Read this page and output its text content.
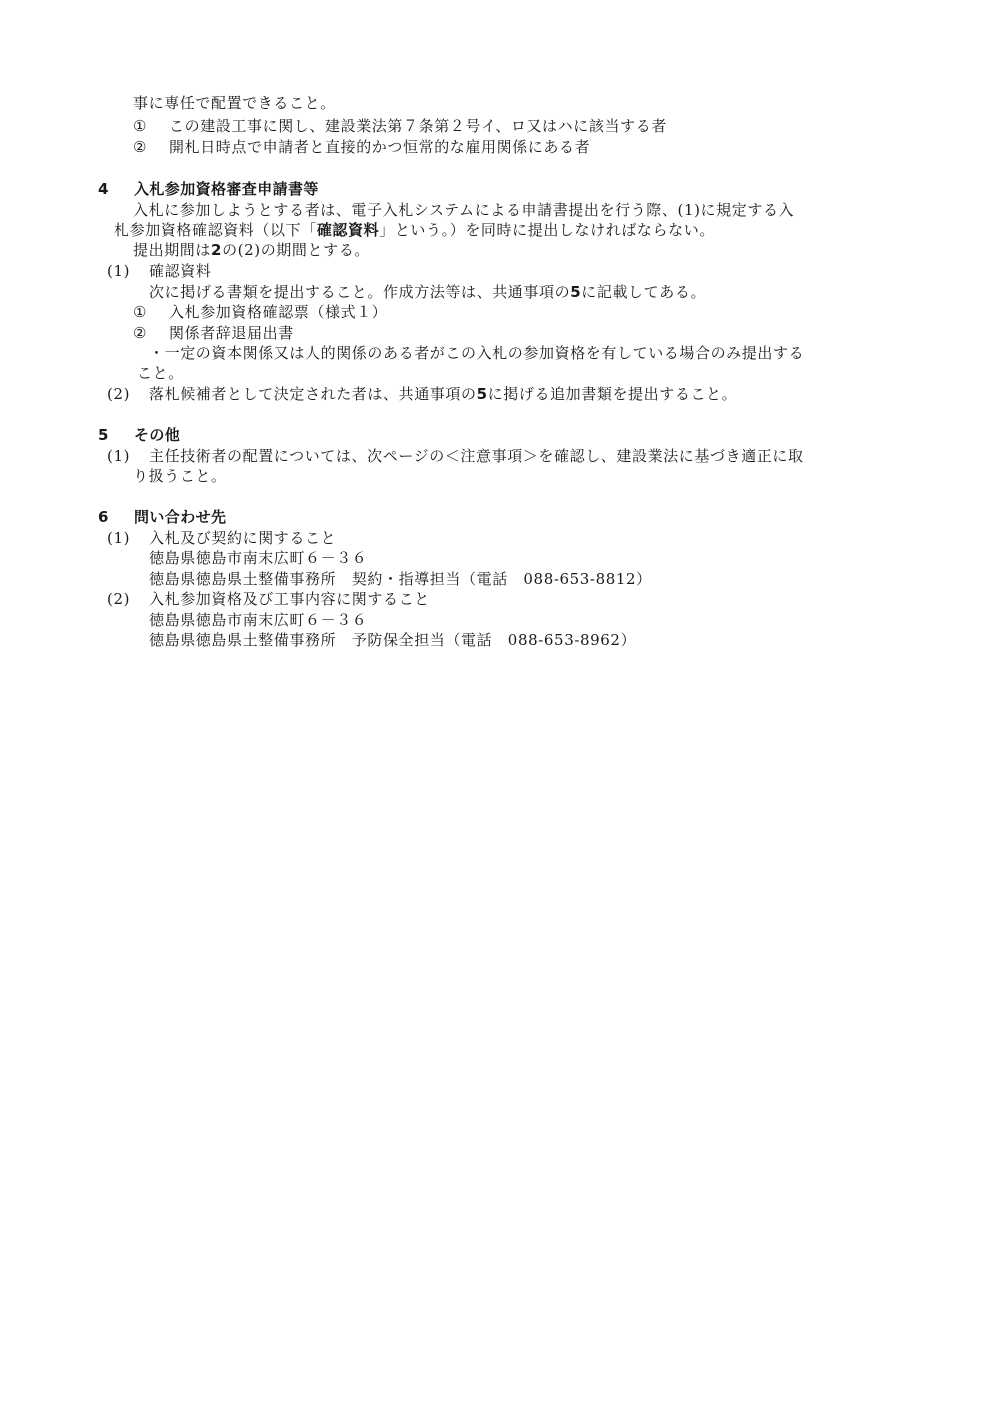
事に専任で配置できること。
① この建設工事に関し、建設業法第７条第２号イ、ロ又はハに該当する者
② 開札日時点で申請者と直接的かつ恒常的な雇用関係にある者
4 入札参加資格審査申請書等
入札に参加しようとする者は、電子入札システムによる申請書提出を行う際、(1)に規定する入
札参加資格確認資料（以下「確認資料」という。）を同時に提出しなければならない。
提出期間は2の(2)の期間とする。
(1) 確認資料
次に掲げる書類を提出すること。作成方法等は、共通事項の5に記載してある。
① 入札参加資格確認票（様式１）
② 関係者辞退届出書
・一定の資本関係又は人的関係のある者がこの入札の参加資格を有している場合のみ提出する
こと。
(2) 落札候補者として決定された者は、共通事項の5に掲げる追加書類を提出すること。
5 その他
(1) 主任技術者の配置については、次ページの＜注意事項＞を確認し、建設業法に基づき適正に取
り扱うこと。
6 問い合わせ先
(1) 入札及び契約に関すること
徳島県徳島市南末広町６－３６
徳島県徳島県土整備事務所　契約・指導担当（電話　088-653-8812）
(2) 入札参加資格及び工事内容に関すること
徳島県徳島市南末広町６－３６
徳島県徳島県土整備事務所　予防保全担当（電話　088-653-8962）
